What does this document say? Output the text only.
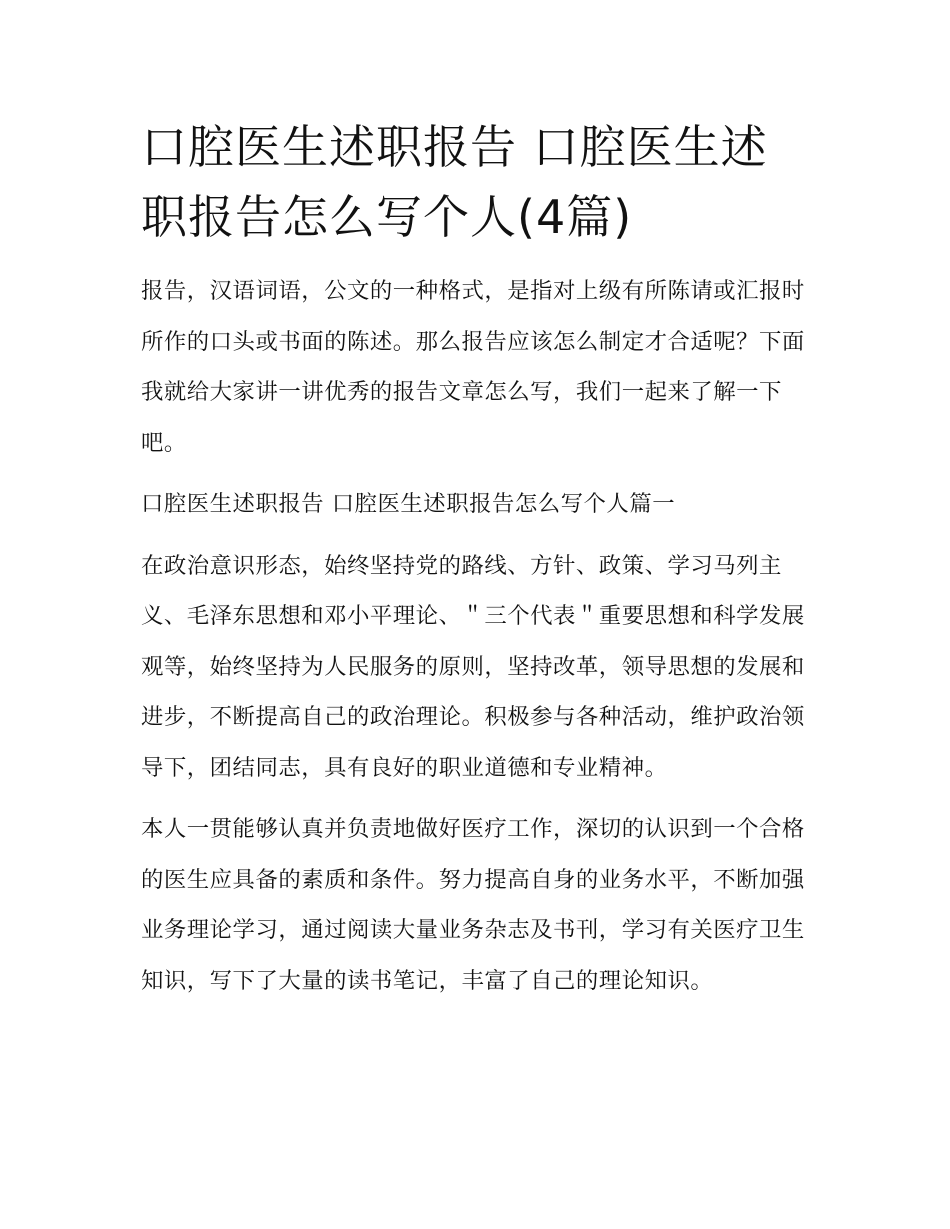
口腔医生述职报告 口腔医生述职报告怎么写个人(4篇)

报告，汉语词语，公文的一种格式，是指对上级有所陈请或汇报时所作的口头或书面的陈述。那么报告应该怎么制定才合适呢？下面我就给大家讲一讲优秀的报告文章怎么写，我们一起来了解一下吧。

口腔医生述职报告 口腔医生述职报告怎么写个人篇一

在政治意识形态，始终坚持党的路线、方针、政策、学习马列主义、毛泽东思想和邓小平理论、＂三个代表＂重要思想和科学发展观等，始终坚持为人民服务的原则，坚持改革，领导思想的发展和进步，不断提高自己的政治理论。积极参与各种活动，维护政治领导下，团结同志，具有良好的职业道德和专业精神。

本人一贯能够认真并负责地做好医疗工作，深切的认识到一个合格的医生应具备的素质和条件。努力提高自身的业务水平，不断加强业务理论学习，通过阅读大量业务杂志及书刊，学习有关医疗卫生知识，写下了大量的读书笔记，丰富了自己的理论知识。
